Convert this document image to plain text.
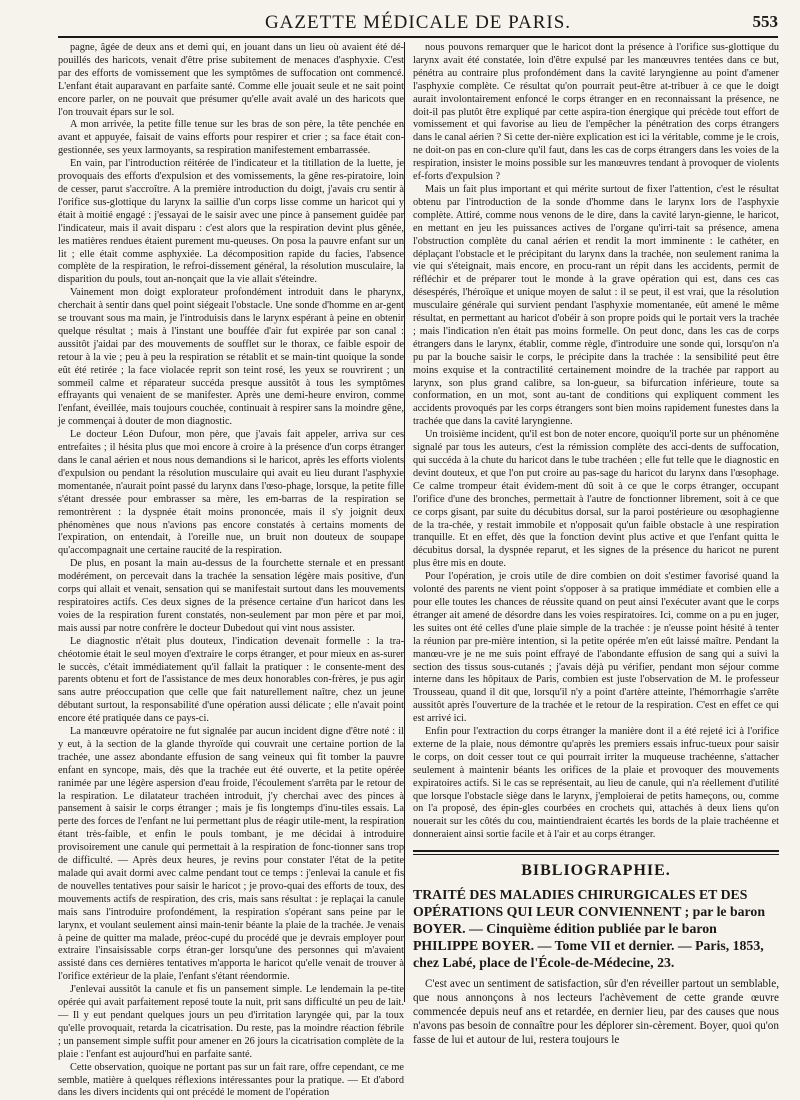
GAZETTE MÉDICALE DE PARIS.	553

pagne, âgée de deux ans et demi qui, en jouant dans un lieu où avaient été dé-pouillés des haricots, venait d'être prise subitement de menaces d'asphyxie. C'est par des efforts de vomissement que les symptômes de suffocation ont commencé. L'enfant était auparavant en parfaite santé. Comme elle jouait seule et ne sait point encore parler, on ne pouvait que présumer qu'elle avait avalé un des haricots que l'on trouvait épars sur le sol.

A mon arrivée, la petite fille tenue sur les bras de son père, la tête penchée en avant et appuyée, faisait de vains efforts pour respirer et crier ; sa face était con-gestionnée, ses yeux larmoyants, sa respiration manifestement embarrassée.

En vain, par l'introduction réitérée de l'indicateur et la titillation de la luette, je provoquais des efforts d'expulsion et des vomissements, la gêne res-piratoire, loin de cesser, parut s'accroître. A la première introduction du doigt, j'avais cru sentir à l'orifice sus-glottique du larynx la saillie d'un corps lisse comme un haricot qui y était à moitié engagé : j'essayai de le saisir avec une pince à pansement guidée par l'indicateur, mais il avait disparu : c'est alors que la respiration devint plus gênée, les matières rendues étaient purement mu-queuses. On posa la pauvre enfant sur un lit ; elle était comme asphyxiée. La décomposition rapide du facies, l'absence complète de la respiration, le refroi-dissement général, la résolution musculaire, la disparition du pouls, tout an-nonçait que la vie allait s'éteindre.

Vainement mon doigt explorateur profondément introduit dans le pharynx, cherchait à sentir dans quel point siégeait l'obstacle. Une sonde d'homme en ar-gent se trouvant sous ma main, je l'introduisis dans le larynx espérant à peine en obtenir quelque résultat ; mais à l'instant une bouffée d'air fut expirée par son canal : aussitôt j'aidai par des mouvements de soufflet sur le thorax, ce faible espoir de retour à la vie ; peu à peu la respiration se rétablit et se main-tint quoique la sonde eût été retirée ; la face violacée reprit son teint rosé, les yeux se rouvrirent ; un sommeil calme et réparateur succéda presque aussitôt à tous les symptômes effrayants qui venaient de se manifester. Après une demi-heure environ, comme l'enfant, éveillée, mais toujours couchée, continuait à respirer sans la moindre gêne, je commençai à douter de mon diagnostic.

Le docteur Léon Dufour, mon père, que j'avais fait appeler, arriva sur ces entrefaites ; il hésita plus que moi encore à croire à la présence d'un corps étranger dans le canal aérien et nous nous demandions si le haricot, après les efforts violents d'expulsion ou pendant la résolution musculaire qui avait eu lieu durant l'asphyxie momentanée, n'aurait point passé du larynx dans l'œso-phage, lorsque, la petite fille s'étant dressée pour embrasser sa mère, les em-barras de la respiration se remontrèrent : la dyspnée était moins prononcée, mais il s'y joignit deux phénomènes que nous n'avions pas encore constatés à certains moments de l'expiration, on entendait, à l'oreille nue, un bruit non douteux de soupape qu'accompagnait une certaine raucité de la respiration.

De plus, en posant la main au-dessus de la fourchette sternale et en pressant modérément, on percevait dans la trachée la sensation légère mais positive, d'un corps qui allait et venait, sensation qui se manifestait surtout dans les mouvements respiratoires actifs. Ces deux signes de la présence certaine d'un haricot dans les voies de la respiration furent constatés, non-seulement par mon père et par moi, mais aussi par notre confrère le docteur Dubedout qui vint nous assister.

Le diagnostic n'était plus douteux, l'indication devenait formelle : la tra-chéotomie était le seul moyen d'extraire le corps étranger, et pour mieux en as-surer le succès, c'était immédiatement qu'il fallait la pratiquer : le consente-ment des parents obtenu et fort de l'assistance de mes deux honorables con-frères, je pus agir sans autre préoccupation que celle que fait naturellement naître, chez un jeune débutant surtout, la responsabilité d'une opération aussi délicate ; elle n'avait point encore été pratiquée dans ce pays-ci.

La manœuvre opératoire ne fut signalée par aucun incident digne d'être noté : il y eut, à la section de la glande thyroïde qui couvrait une certaine portion de la trachée, une assez abondante effusion de sang veineux qui fit tomber la pauvre enfant en syncope, mais, dès que la trachée eut été ouverte, et la petite opérée ranimée par une légère aspersion d'eau froide, l'écoulement s'arrêta par le retour de la respiration. Le dilatateur trachéen introduit, j'y cherchai avec des pinces à pansement à saisir le corps étranger ; mais je fis longtemps d'inu-tiles essais. La perte des forces de l'enfant ne lui permettant plus de réagir utile-ment, la respiration étant très-faible, et enfin le pouls tombant, je me décidai à introduire provisoirement une canule qui permettait à la respiration de fonc-tionner sans trop de difficulté. — Après deux heures, je revins pour constater l'état de la petite malade qui avait dormi avec calme pendant tout ce temps : j'enlevai la canule et fis de nouvelles tentatives pour saisir le haricot ; je provo-quai des efforts de toux, des mouvements actifs de respiration, des cris, mais sans résultat : je replaçai la canule mais sans l'introduire profondément, la respiration s'opérant sans peine par le larynx, et voulant seulement ainsi main-tenir béante la plaie de la trachée. Je venais à peine de quitter ma malade, préoc-cupé du procédé que je devrais employer pour extraire l'insaisissable corps étran-ger lorsqu'une des personnes qui m'avaient assisté dans ces dernières tentatives m'apporta le haricot qu'elle venait de trouver à l'orifice extérieur de la plaie, l'enfant s'étant réendormie.

J'enlevai aussitôt la canule et fis un pansement simple. Le lendemain la pe-tite opérée qui avait parfaitement reposé toute la nuit, prit sans difficulté un peu de lait. — Il y eut pendant quelques jours un peu d'irritation laryngée qui, par la toux qu'elle provoquait, retarda la cicatrisation. Du reste, pas la moindre réaction fébrile ; un pansement simple suffit pour amener en 26 jours la cicatrisation complète de la plaie : l'enfant est aujourd'hui en parfaite santé.

Cette observation, quoique ne portant pas sur un fait rare, offre cependant, ce me semble, matière à quelques réflexions intéressantes pour la pratique. — Et d'abord dans les divers incidents qui ont précédé le moment de l'opération

nous pouvons remarquer que le haricot dont la présence à l'orifice sus-glottique du larynx avait été constatée, loin d'être expulsé par les manœuvres tentées dans ce but, pénétra au contraire plus profondément dans la cavité laryngienne au point d'amener l'asphyxie complète. Ce résultat qu'on pourrait peut-être at-tribuer à ce que le doigt aurait involontairement enfoncé le corps étranger en en reconnaissant la présence, ne doit-il pas plutôt être expliqué par cette aspira-tion énergique qui précède tout effort de vomissement et qui favorise au lieu de l'empêcher la pénétration des corps étrangers dans le canal aérien ? Si cette der-nière explication est ici la véritable, comme je le crois, ne doit-on pas en con-clure qu'il faut, dans les cas de corps étrangers dans les voies de la respiration, insister le moins possible sur les manœuvres tendant à provoquer de violents ef-forts d'expulsion ?

Mais un fait plus important et qui mérite surtout de fixer l'attention, c'est le résultat obtenu par l'introduction de la sonde d'homme dans le larynx lors de l'asphyxie complète. Attiré, comme nous venons de le dire, dans la cavité laryn-gienne, le haricot, en mettant en jeu les puissances actives de l'organe qu'irri-tait sa présence, amena l'obstruction complète du canal aérien et rendit la mort imminente : le cathéter, en déplaçant l'obstacle et le précipitant du larynx dans la trachée, non seulement ranima la vie qui s'éteignait, mais encore, en procu-rant un répit dans les accidents, permit de réfléchir et de préparer tout le monde à la grave opération qui est, dans ces cas désespérés, l'héroïque et unique moyen de salut : il se peut, il est vrai, que la résolution musculaire générale qui survient pendant l'asphyxie momentanée, eût amené le même résultat, en permettant au haricot d'obéir à son propre poids qui le portait vers la trachée ; mais l'indication n'en était pas moins formelle. On peut donc, dans les cas de corps étrangers dans le larynx, établir, comme règle, d'introduire une sonde qui, lorsqu'on n'a pu par la bouche saisir le corps, le précipite dans la trachée : la sensibilité peut être moins exquise et la contractilité certainement moindre de la trachée par rapport au larynx, son plus grand calibre, sa lon-gueur, sa bifurcation inférieure, toute sa conformation, en un mot, sont au-tant de conditions qui expliquent comment les accidents provoqués par les corps étrangers sont bien moins rapidement funestes dans la trachée que dans la cavité laryngienne.

Un troisième incident, qu'il est bon de noter encore, quoiqu'il porte sur un phénomène signalé par tous les auteurs, c'est la rémission complète des acci-dents de suffocation, qui succéda à la chute du haricot dans le tube trachéen ; elle fut telle que le diagnostic en devint douteux, et que l'on put croire au pas-sage du haricot du larynx dans l'œsophage. Ce calme trompeur était évidem-ment dû soit à ce que le corps étranger, occupant l'orifice d'une des bronches, permettait à l'autre de fonctionner librement, soit à ce que ce corps gisant, par suite du décubitus dorsal, sur la paroi postérieure ou œsophagienne de la tra-chée, y restait immobile et n'opposait qu'un faible obstacle à une respiration tranquille. Et en effet, dès que la fonction devint plus active et que l'enfant quitta le décubitus dorsal, la dyspnée reparut, et les signes de la présence du haricot ne purent plus être mis en doute.

Pour l'opération, je crois utile de dire combien on doit s'estimer favorisé quand la volonté des parents ne vient point s'opposer à sa pratique immédiate et combien elle a pour elle toutes les chances de réussite quand on peut ainsi l'exécuter avant que le corps étranger ait amené de désordre dans les voies respiratoires. Ici, comme on a pu en juger, les suites ont été celles d'une plaie simple de la trachée : je n'eusse point hésité à tenter la réunion par pre-mière intention, si la petite opérée m'en eût laissé maître. Pendant la manœu-vre je ne me suis point effrayé de l'abondante effusion de sang qui a suivi la section des tissus sous-cutanés ; j'avais déjà pu vérifier, pendant mon séjour comme interne dans les hôpitaux de Paris, combien est juste l'observation de M. le professeur Trousseau, quand il dit que, lorsqu'il n'y a point d'artère atteinte, l'hémorrhagie s'arrête aussitôt après l'ouverture de la trachée et le retour de la respiration. C'est en effet ce qui est arrivé ici.

Enfin pour l'extraction du corps étranger la manière dont il a été rejeté ici à l'orifice externe de la plaie, nous démontre qu'après les premiers essais infruc-tueux pour saisir le corps, on doit cesser tout ce qui pourrait irriter la muqueuse trachéenne, s'attacher seulement à maintenir béants les orifices de la plaie et provoquer des mouvements expiratoires actifs. Si le cas se représentait, au lieu de canule, qui n'a réellement d'utilité que lorsque l'obstacle siège dans le larynx, j'emploierai de petits hameçons, ou, comme on l'a proposé, des épin-gles courbées en crochets qui, attachés à deux liens qu'on nouerait sur les côtés du cou, maintiendraient écartés les bords de la plaie trachéenne et donneraient ainsi sortie facile et à l'air et au corps étranger.

BIBLIOGRAPHIE.

TRAITÉ DES MALADIES CHIRURGICALES ET DES OPÉRATIONS QUI LEUR CONVIENNENT ; par le baron BOYER. — Cinquième édition publiée par le baron PHILIPPE BOYER. — Tome VII et dernier. — Paris, 1853, chez Labé, place de l'École-de-Médecine, 23.

C'est avec un sentiment de satisfaction, sûr d'en réveiller partout un semblable, que nous annonçons à nos lecteurs l'achèvement de cette grande œuvre commencée depuis neuf ans et retardée, en dernier lieu, par des causes que nous n'avons pas besoin de connaître pour les déplorer sin-cèrement. Boyer, quoi qu'on fasse de lui et autour de lui, restera toujours le
